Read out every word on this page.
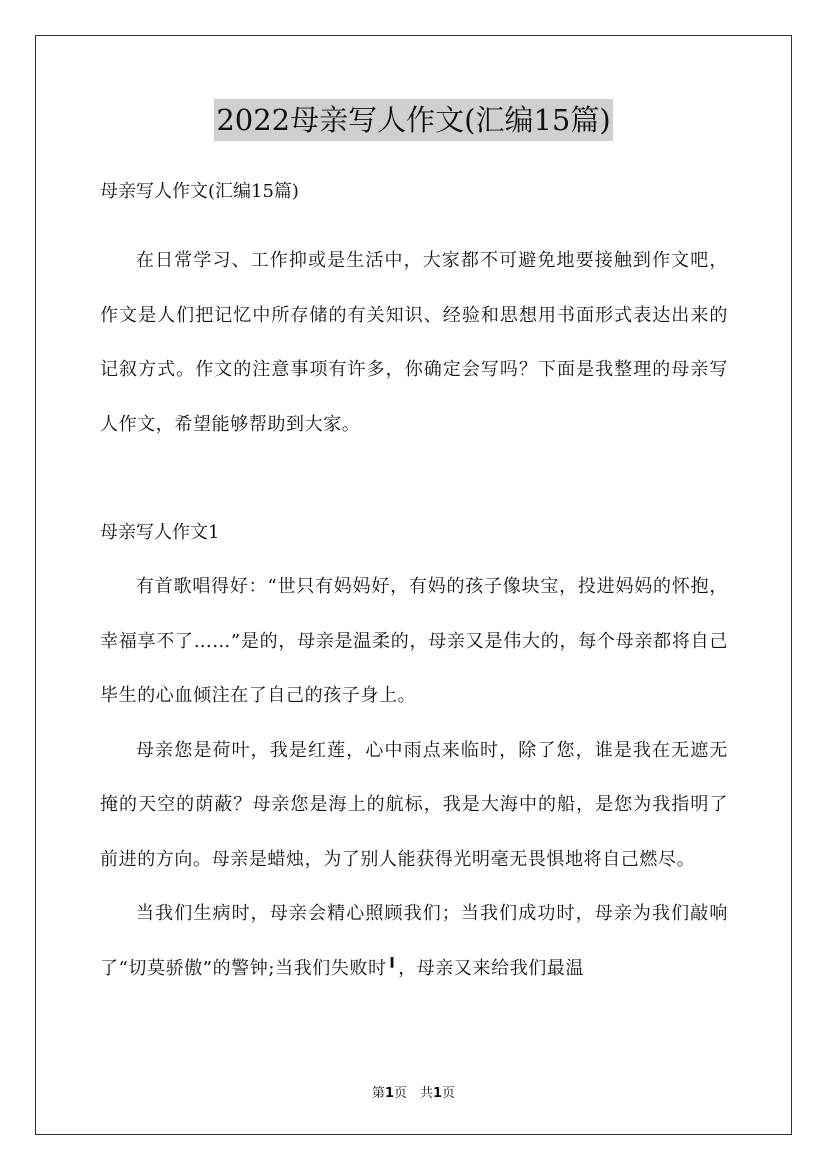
2022母亲写人作文(汇编15篇)

母亲写人作文(汇编15篇)

在日常学习、工作抑或是生活中，大家都不可避免地要接触到作文吧，作文是人们把记忆中所存储的有关知识、经验和思想用书面形式表达出来的记叙方式。作文的注意事项有许多，你确定会写吗？下面是我整理的母亲写人作文，希望能够帮助到大家。

母亲写人作文1

有首歌唱得好：“世只有妈妈好，有妈的孩子像块宝，投进妈妈的怀抱，幸福享不了……”是的，母亲是温柔的，母亲又是伟大的，每个母亲都将自己毕生的心血倾注在了自己的孩子身上。

母亲您是荷叶，我是红莲，心中雨点来临时，除了您，谁是我在无遮无掩的天空的荫蔽？母亲您是海上的航标，我是大海中的船，是您为我指明了前进的方向。母亲是蜡烛，为了别人能获得光明毫无畏惧地将自己燃尽。

当我们生病时，母亲会精心照顾我们；当我们成功时，母亲为我们敲响了“切莫骄傲”的警钟;当我们失败时╹，母亲又来给我们最温

第1页　共1页
